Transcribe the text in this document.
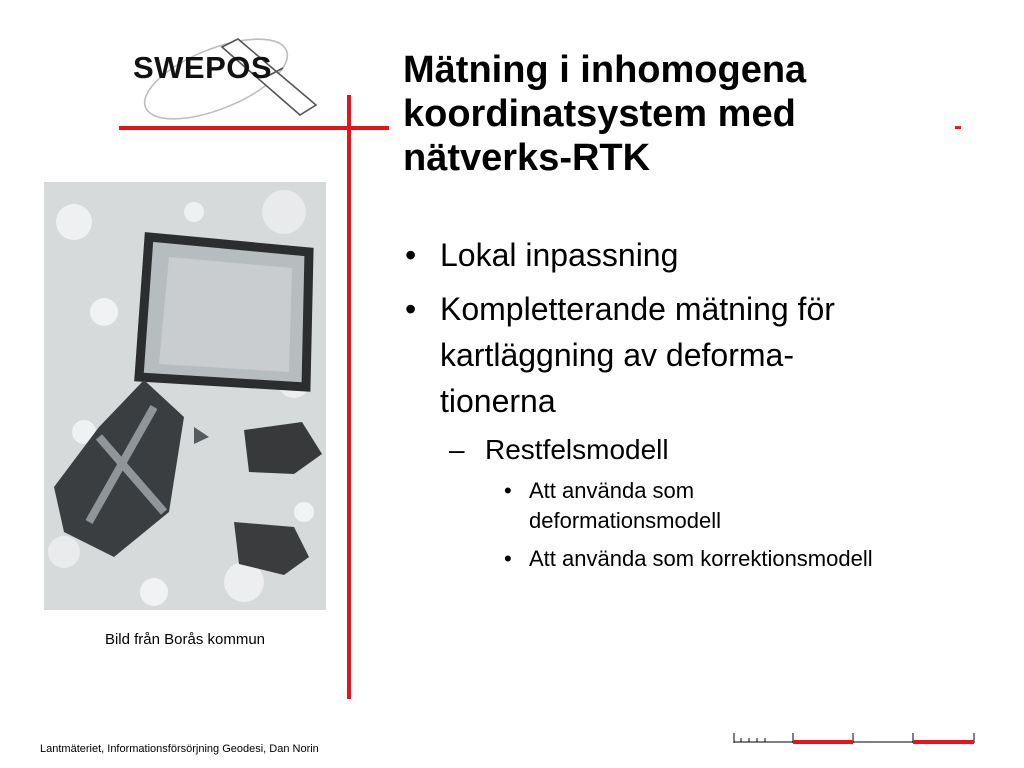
SWEPOS
-
Mätning i inhomogena
koordinatsystem med
nätverks-RTK
Bild från Borås kommun
• Lokal inpassning
• Kompletterande mätning för
kartläggning av deforma-
tionerna
– Restfelsmodell
• Att använda som
deformationsmodell
• Att använda som korrektionsmodell
Lantmäteriet, Informationsförsörjning Geodesi, Dan Norin
